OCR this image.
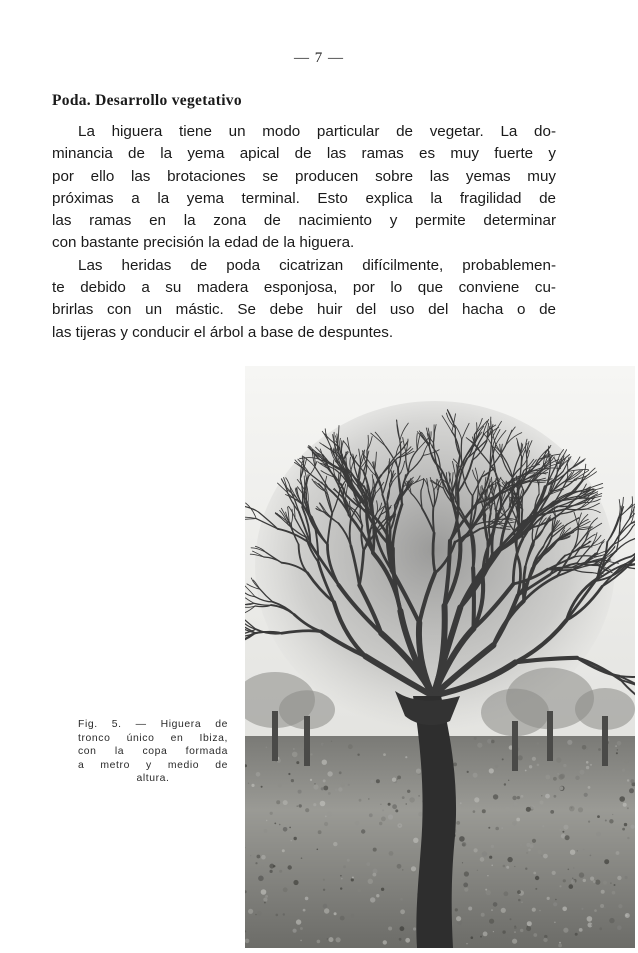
— 7 —
Poda. Desarrollo vegetativo
La higuera tiene un modo particular de vegetar. La do-
minancia de la yema apical de las ramas es muy fuerte y
por ello las brotaciones se producen sobre las yemas muy
próximas a la yema terminal. Esto explica la fragilidad de
las ramas en la zona de nacimiento y permite determinar
con bastante precisión la edad de la higuera.
Las heridas de poda cicatrizan difícilmente, probablemen-
te debido a su madera esponjosa, por lo que conviene cu-
brirlas con un mástic. Se debe huir del uso del hacha o de
las tijeras y conducir el árbol a base de despuntes.
Fig. 5. — Higuera de
tronco único en Ibiza,
con la copa formada
a metro y medio de
altura.
